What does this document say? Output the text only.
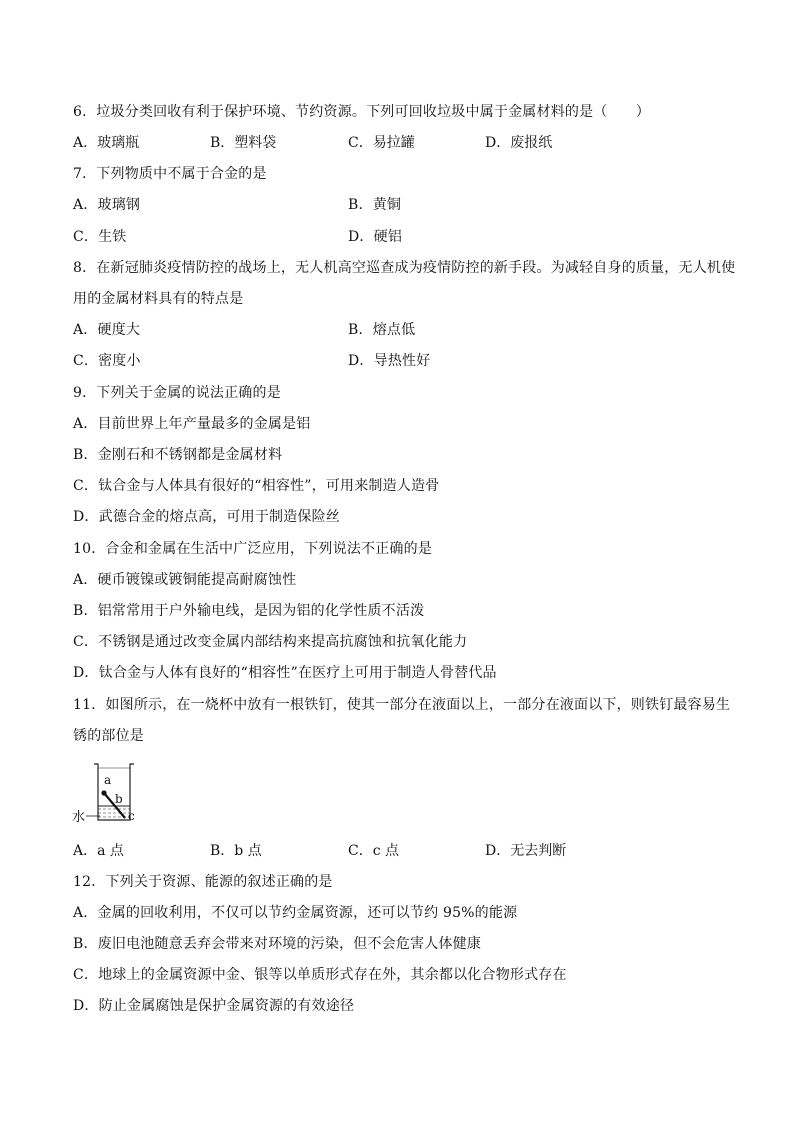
6．垃圾分类回收有利于保护环境、节约资源。下列可回收垃圾中属于金属材料的是（　　）
A．玻璃瓶	B．塑料袋	C．易拉罐	D．废报纸
7．下列物质中不属于合金的是
A．玻璃钢	B．黄铜
C．生铁	D．硬铝
8．在新冠肺炎疫情防控的战场上，无人机高空巡查成为疫情防控的新手段。为减轻自身的质量，无人机使
用的金属材料具有的特点是
A．硬度大	B．熔点低
C．密度小	D．导热性好
9．下列关于金属的说法正确的是
A．目前世界上年产量最多的金属是铝
B．金刚石和不锈钢都是金属材料
C．钛合金与人体具有很好的“相容性”，可用来制造人造骨
D．武德合金的熔点高，可用于制造保险丝
10．合金和金属在生活中广泛应用，下列说法不正确的是
A．硬币镀镍或镀铜能提高耐腐蚀性
B．铝常常用于户外输电线，是因为铝的化学性质不活泼
C．不锈钢是通过改变金属内部结构来提高抗腐蚀和抗氧化能力
D．钛合金与人体有良好的“相容性”在医疗上可用于制造人骨替代品
11．如图所示，在一烧杯中放有一根铁钉，使其一部分在液面以上，一部分在液面以下，则铁钉最容易生
锈的部位是
a
b
c
水
A．a 点	B．b 点	C．c 点	D．无去判断
12．下列关于资源、能源的叙述正确的是
A．金属的回收利用，不仅可以节约金属资源，还可以节约 95%的能源
B．废旧电池随意丢弃会带来对环境的污染，但不会危害人体健康
C．地球上的金属资源中金、银等以单质形式存在外，其余都以化合物形式存在
D．防止金属腐蚀是保护金属资源的有效途径
